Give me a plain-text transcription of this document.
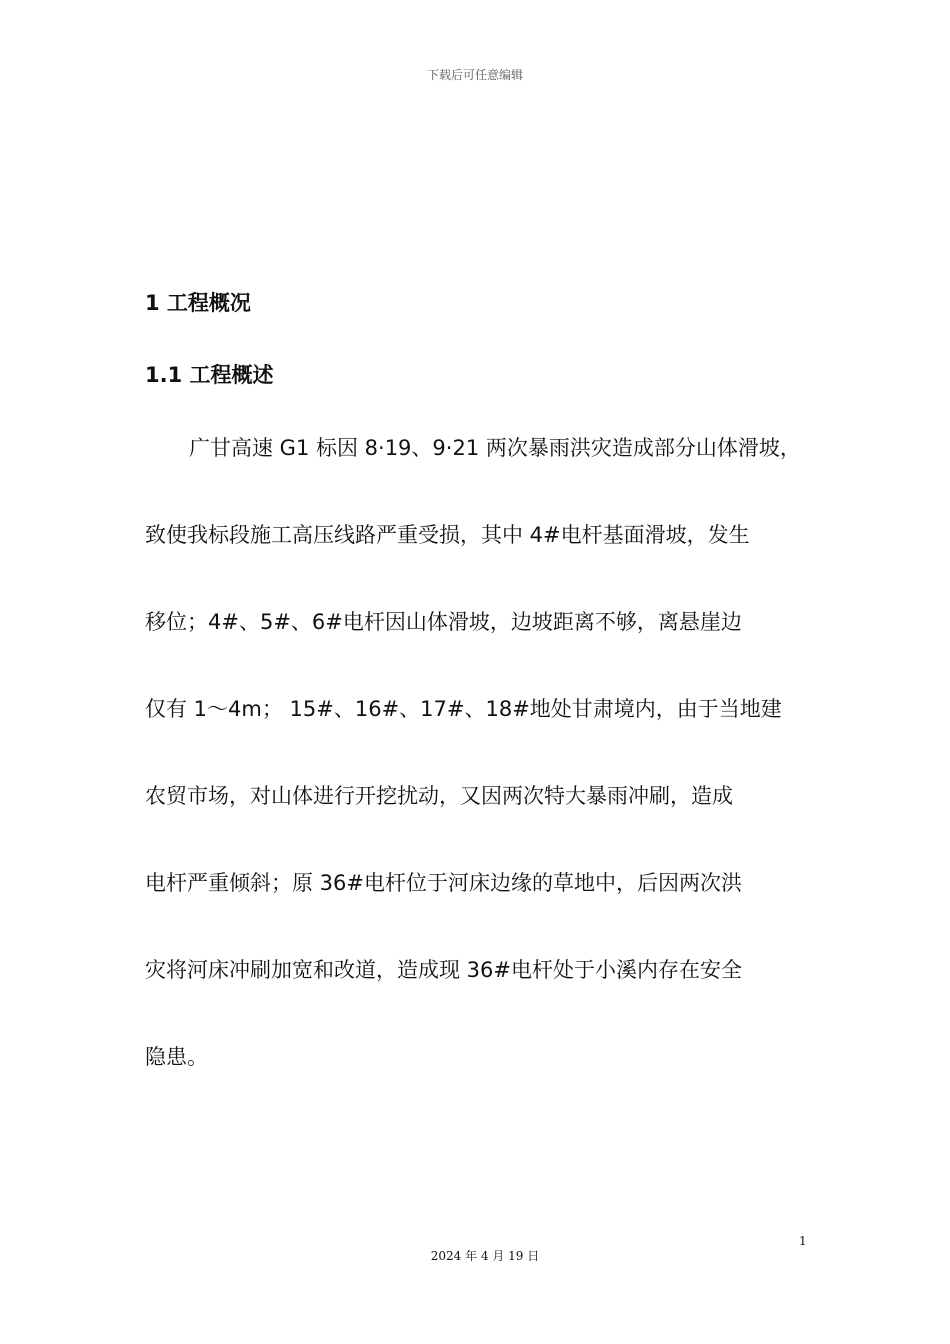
下载后可任意编辑
1 工程概况
1.1 工程概述
广甘高速 G1 标因 8·19、9·21 两次暴雨洪灾造成部分山体滑坡，
致使我标段施工高压线路严重受损，其中 4#电杆基面滑坡，发生
移位；4#、5#、6#电杆因山体滑坡，边坡距离不够，离悬崖边
仅有 1～4m； 15#、16#、17#、18#地处甘肃境内，由于当地建
农贸市场，对山体进行开挖扰动，又因两次特大暴雨冲刷，造成
电杆严重倾斜；原 36#电杆位于河床边缘的草地中，后因两次洪
灾将河床冲刷加宽和改道，造成现 36#电杆处于小溪内存在安全
隐患。
1
2024 年 4 月 19 日
